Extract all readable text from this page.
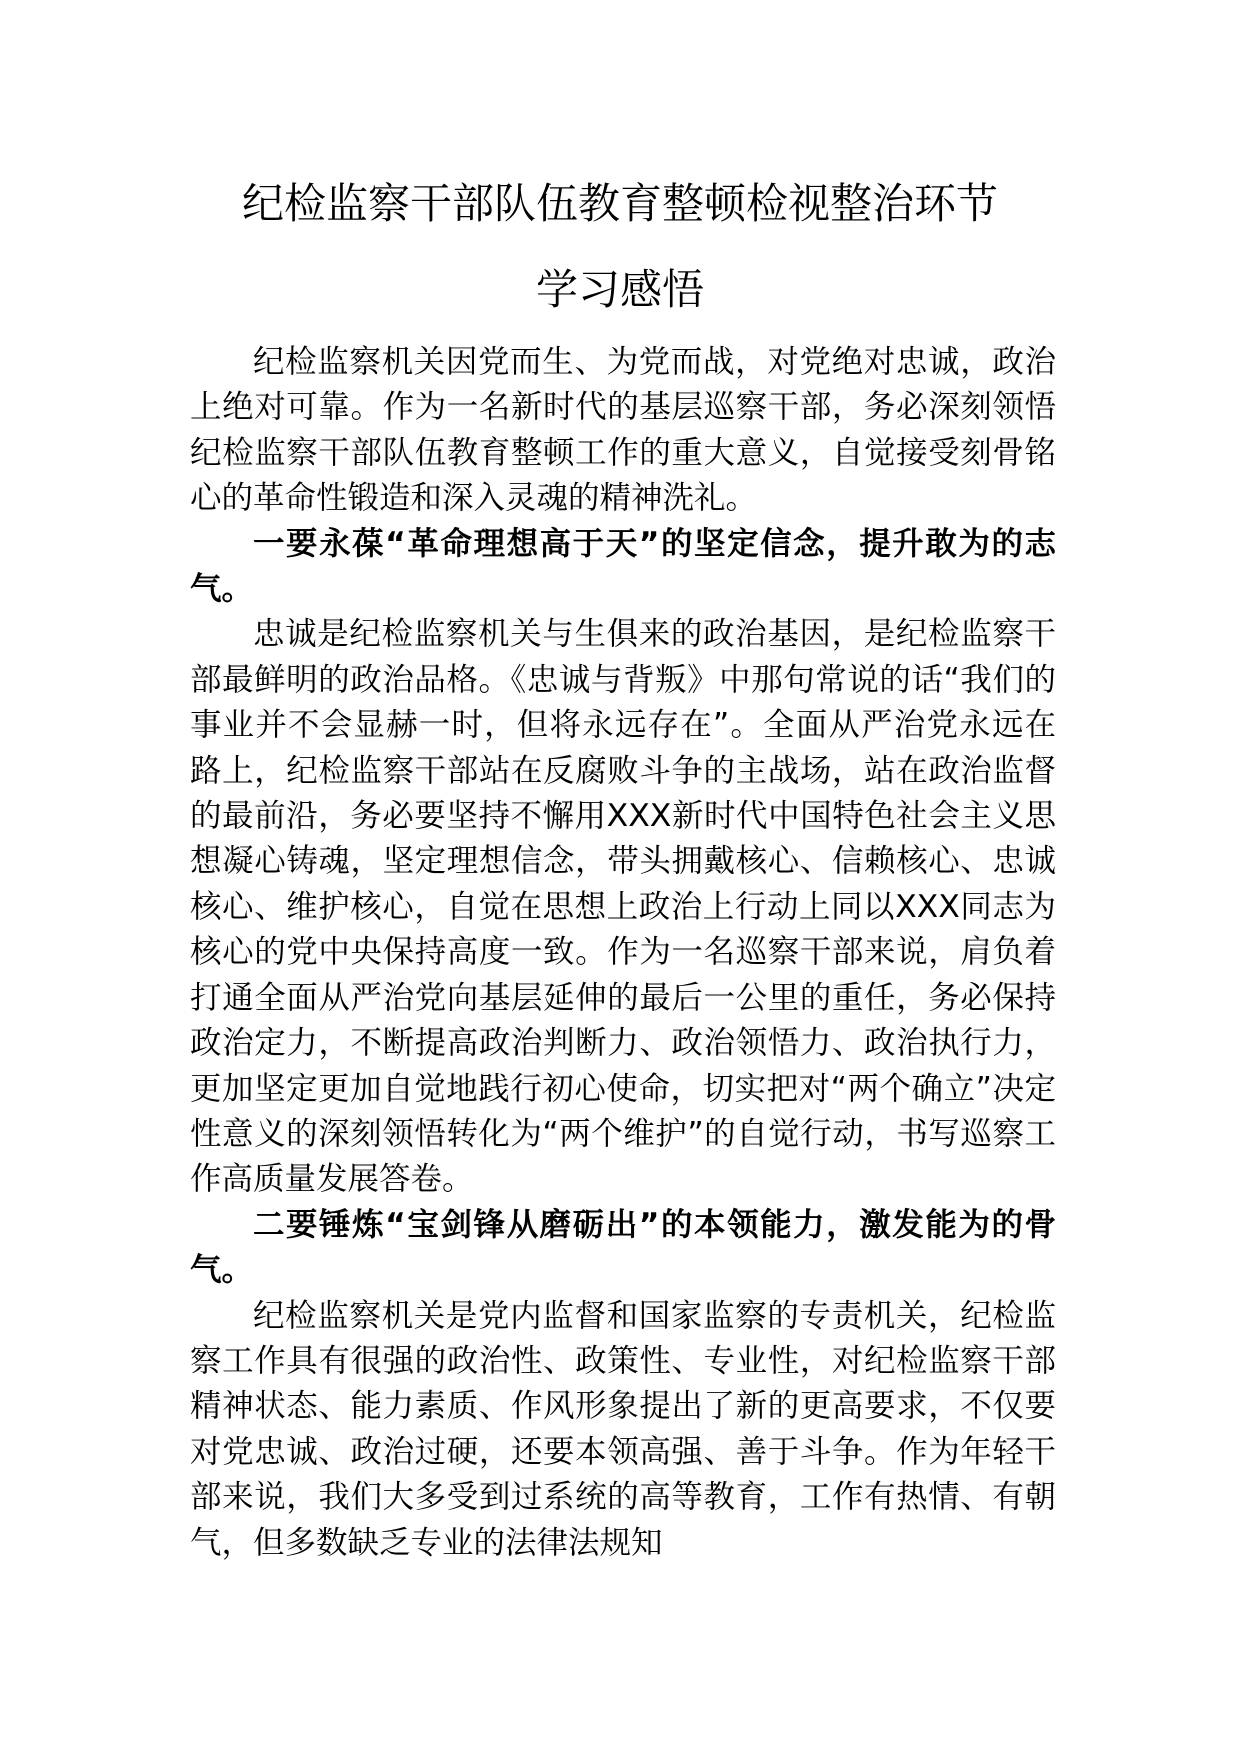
纪检监察干部队伍教育整顿检视整治环节
学习感悟

纪检监察机关因党而生、为党而战，对党绝对忠诚，政治上绝对可靠。作为一名新时代的基层巡察干部，务必深刻领悟纪检监察干部队伍教育整顿工作的重大意义，自觉接受刻骨铭心的革命性锻造和深入灵魂的精神洗礼。

一要永葆“革命理想高于天”的坚定信念，提升敢为的志气。

忠诚是纪检监察机关与生俱来的政治基因，是纪检监察干部最鲜明的政治品格。《忠诚与背叛》中那句常说的话“我们的事业并不会显赫一时，但将永远存在”。全面从严治党永远在路上，纪检监察干部站在反腐败斗争的主战场，站在政治监督的最前沿，务必要坚持不懈用XXX新时代中国特色社会主义思想凝心铸魂，坚定理想信念，带头拥戴核心、信赖核心、忠诚核心、维护核心，自觉在思想上政治上行动上同以XXX同志为核心的党中央保持高度一致。作为一名巡察干部来说，肩负着打通全面从严治党向基层延伸的最后一公里的重任，务必保持政治定力，不断提高政治判断力、政治领悟力、政治执行力，更加坚定更加自觉地践行初心使命，切实把对“两个确立”决定性意义的深刻领悟转化为“两个维护”的自觉行动，书写巡察工作高质量发展答卷。

二要锤炼“宝剑锋从磨砺出”的本领能力，激发能为的骨气。

纪检监察机关是党内监督和国家监察的专责机关，纪检监察工作具有很强的政治性、政策性、专业性，对纪检监察干部精神状态、能力素质、作风形象提出了新的更高要求，不仅要对党忠诚、政治过硬，还要本领高强、善于斗争。作为年轻干部来说，我们大多受到过系统的高等教育，工作有热情、有朝气，但多数缺乏专业的法律法规知
